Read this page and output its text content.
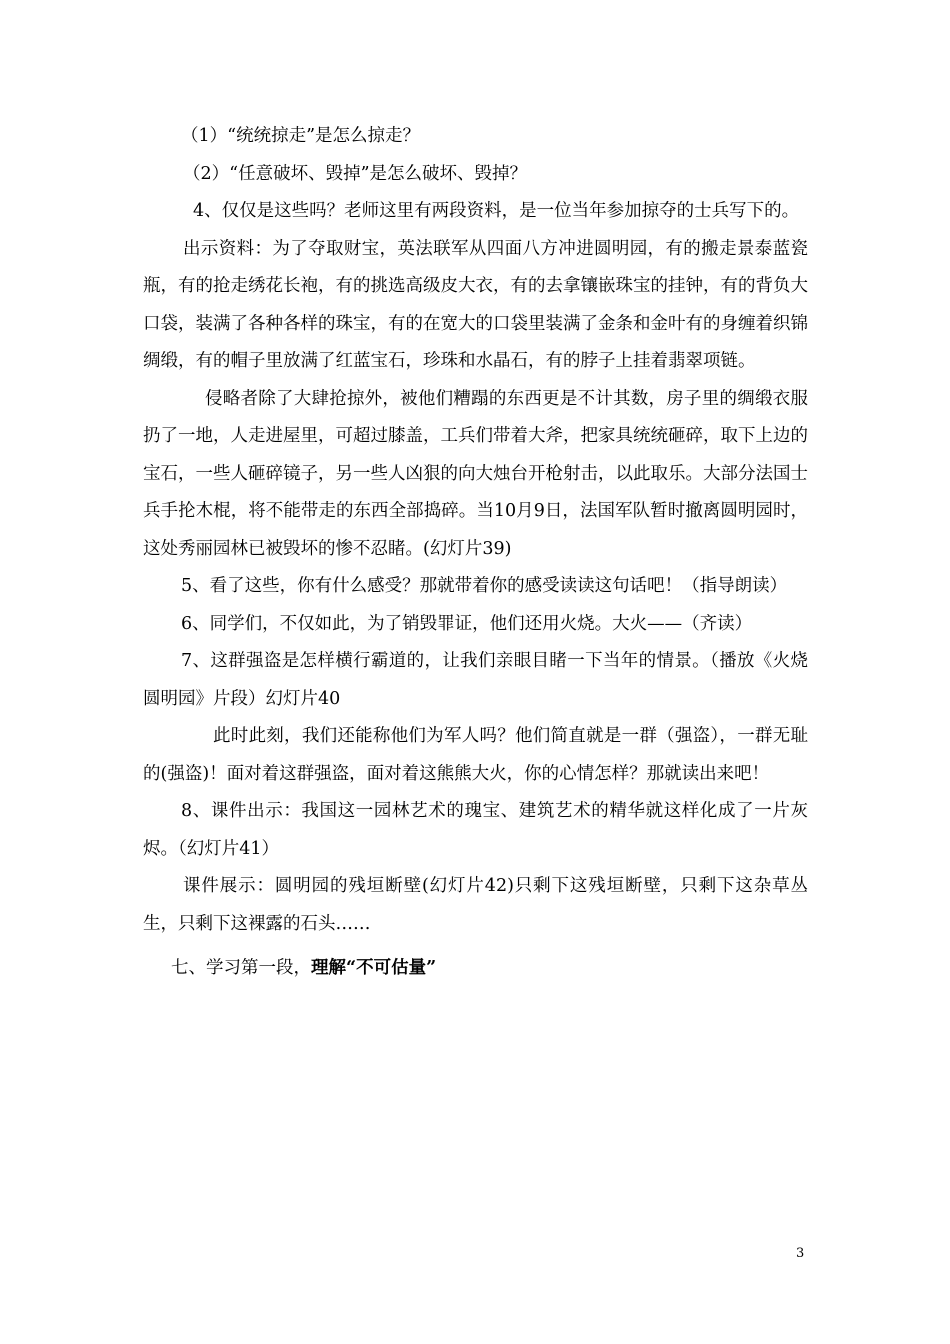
（1）“统统掠走”是怎么掠走？

（2）“任意破坏、毁掉”是怎么破坏、毁掉？

4、仅仅是这些吗？老师这里有两段资料，是一位当年参加掠夺的士兵写下的。

出示资料：为了夺取财宝，英法联军从四面八方冲进圆明园，有的搬走景泰蓝瓷瓶，有的抢走绣花长袍，有的挑选高级皮大衣，有的去拿镶嵌珠宝的挂钟，有的背负大口袋，装满了各种各样的珠宝，有的在宽大的口袋里装满了金条和金叶有的身缠着织锦绸缎，有的帽子里放满了红蓝宝石，珍珠和水晶石，有的脖子上挂着翡翠项链。

侵略者除了大肆抢掠外，被他们糟蹋的东西更是不计其数，房子里的绸缎衣服扔了一地，人走进屋里，可超过膝盖，工兵们带着大斧，把家具统统砸碎，取下上边的宝石，一些人砸碎镜子，另一些人凶狠的向大烛台开枪射击，以此取乐。大部分法国士兵手抡木棍，将不能带走的东西全部捣碎。当10月9日，法国军队暂时撤离圆明园时，这处秀丽园林已被毁坏的惨不忍睹。(幻灯片39)

5、看了这些，你有什么感受？那就带着你的感受读读这句话吧！（指导朗读）

6、同学们，不仅如此，为了销毁罪证，他们还用火烧。大火——（齐读）

7、这群强盗是怎样横行霸道的，让我们亲眼目睹一下当年的情景。（播放《火烧圆明园》片段）幻灯片40

此时此刻，我们还能称他们为军人吗？他们简直就是一群（强盗），一群无耻的(强盗)！面对着这群强盗，面对着这熊熊大火，你的心情怎样？那就读出来吧！

8、课件出示：我国这一园林艺术的瑰宝、建筑艺术的精华就这样化成了一片灰烬。（幻灯片41）

课件展示：圆明园的残垣断壁(幻灯片42)只剩下这残垣断壁，只剩下这杂草丛生，只剩下这裸露的石头……

七、学习第一段，理解“不可估量”

3
